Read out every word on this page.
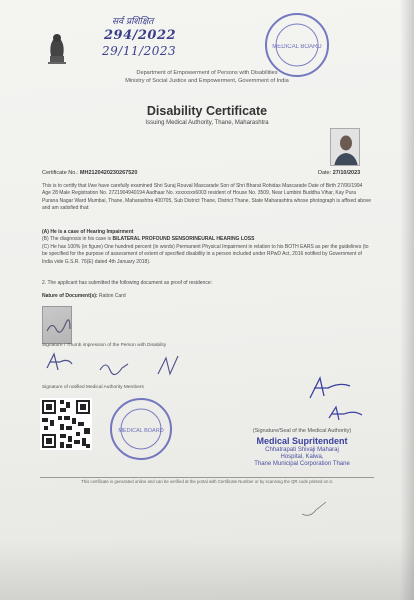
सर्व प्रशिक्षित
294/2022
29/11/2023	MEDICAL BOARD
Department of Empowerment of Persons with Disabilities
Ministry of Social Justice and Empowerment, Government of India
Disability Certificate
Issuing Medical Authority, Thane, Maharashtra
Certificate No.: MH2120420230267520	Date: 27/10/2023
This is to certify that I/we have carefully examined Shri Suraj Rouval Mascarade Son of Shri Bharat Rohidas Mascarade Date of Birth 27/06/1994 Age 28 Male Registration No. 2721904940194 Aadhaar No. xxxxxxxx6003 resident of House No. 3509, Near Lumbini Buddha Vihar, Kay Pura Purana Nagar Ward Mumbai, Thane, Maharashtra 400705, Sub District Thane, District Thane, State Maharashtra whose photograph is affixed above and am satisfied that:
(A) He is a case of Hearing Impairment
(B) The diagnosis in his case is BILATERAL PROFOUND SENSORINEURAL HEARING LOSS
(C) He has 100% (in figure) One hundred percent (in words) Permanent Physical Impairment in relation to his BOTH EARS as per the guidelines (to be specified for the purpose of assessment of extent of specified disability in a person included under RPwD Act, 2016 notified by Government of India vide G.S.R. 76(E) dated 4th January 2018).
2. The applicant has submitted the following document as proof of residence:
Nature of Document(s): Ration Card
Signature / Thumb impression of the Person with Disability
Signature of notified Medical Authority Members
MEDICAL BOARD	(Signature/Seal of the Medical Authority)
Medical Supritendent
Chhatrapati Shivaji Maharaj
Hospital, Kalwa,
Thane Municipal Corporation Thane
This certificate is generated online and can be verified at the portal with Certificate Number or by scanning the QR code printed on it.
